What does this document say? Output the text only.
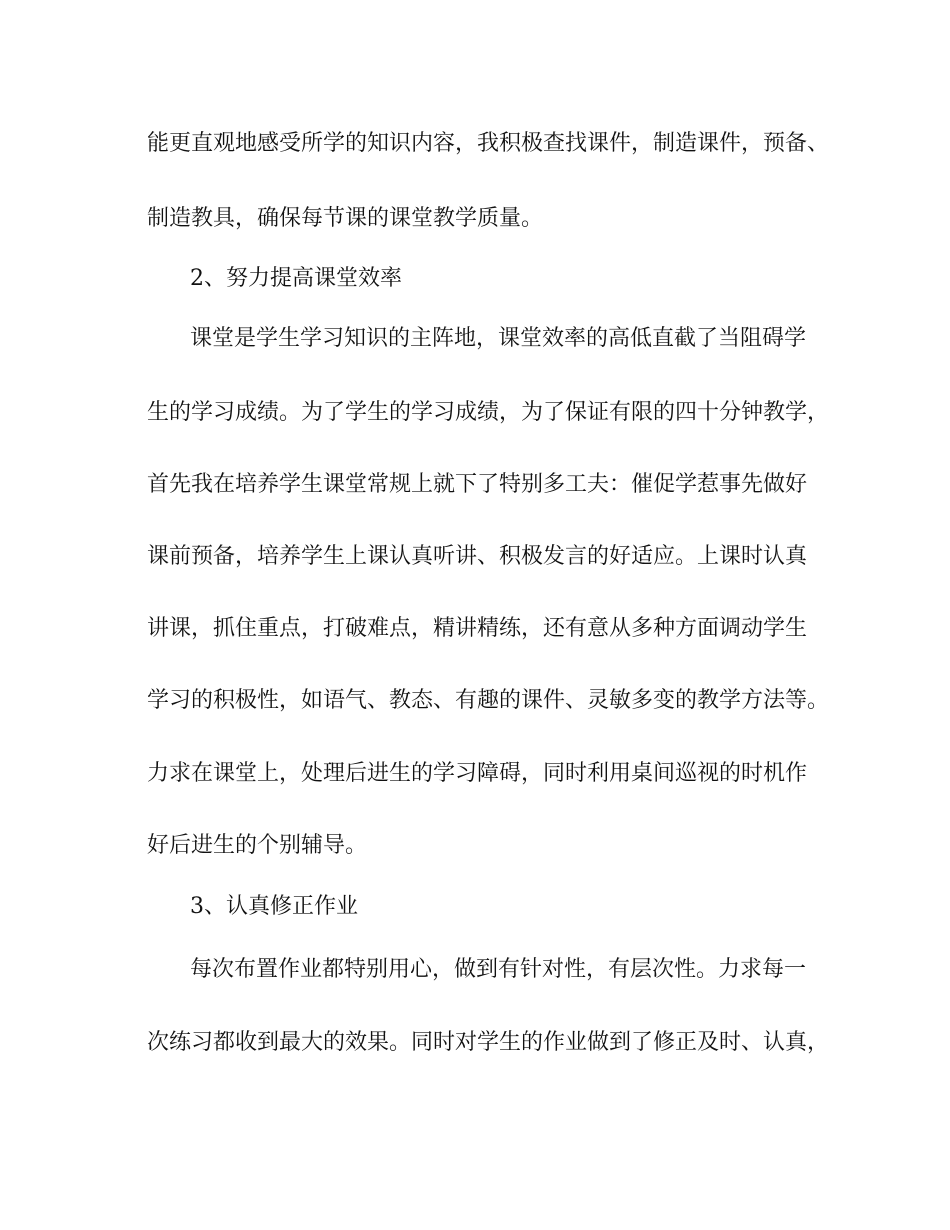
能更直观地感受所学的知识内容，我积极查找课件，制造课件，预备、
制造教具，确保每节课的课堂教学质量。
2、努力提高课堂效率
课堂是学生学习知识的主阵地，课堂效率的高低直截了当阻碍学
生的学习成绩。为了学生的学习成绩，为了保证有限的四十分钟教学，
首先我在培养学生课堂常规上就下了特别多工夫：催促学惹事先做好
课前预备，培养学生上课认真听讲、积极发言的好适应。上课时认真
讲课，抓住重点，打破难点，精讲精练，还有意从多种方面调动学生
学习的积极性，如语气、教态、有趣的课件、灵敏多变的教学方法等。
力求在课堂上，处理后进生的学习障碍，同时利用桌间巡视的时机作
好后进生的个别辅导。
3、认真修正作业
每次布置作业都特别用心，做到有针对性，有层次性。力求每一
次练习都收到最大的效果。同时对学生的作业做到了修正及时、认真，
